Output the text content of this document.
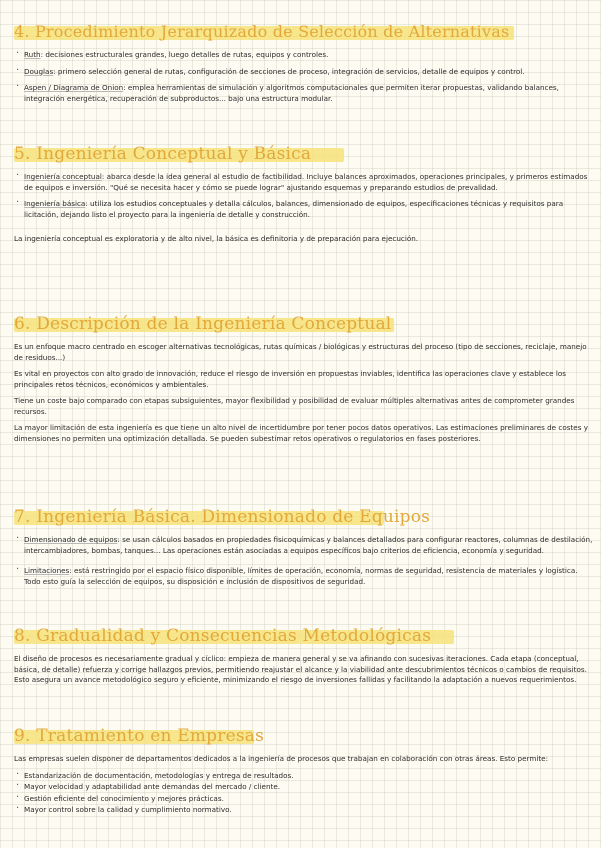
4. Procedimiento Jerarquizado de Selección de Alternativas
· Ruth: decisiones estructurales grandes, luego detalles de rutas, equipos y controles.
· Douglas: primero selección general de rutas, configuración de secciones de proceso, integración de servicios, detalle de equipos y control.
· Aspen / Diagrama de Onion: emplea herramientas de simulación y algoritmos computacionales que permiten iterar propuestas, validando balances, integración energética, recuperación de subproductos... bajo una estructura modular.
5. Ingeniería Conceptual y Básica
· Ingeniería conceptual: abarca desde la idea general al estudio de factibilidad. Incluye balances aproximados, operaciones principales, y primeros estimados de equipos e inversión. "Qué se necesita hacer y cómo se puede lograr" ajustando esquemas y preparando estudios de prevalidad.
· Ingeniería básica: utiliza los estudios conceptuales y detalla cálculos, balances, dimensionado de equipos, especificaciones técnicas y requisitos para licitación, dejando listo el proyecto para la ingeniería de detalle y construcción.
La ingeniería conceptual es exploratoria y de alto nivel, la básica es definitoria y de preparación para ejecución.
6. Descripción de la Ingeniería Conceptual
Es un enfoque macro centrado en escoger alternativas tecnológicas, rutas químicas / biológicas y estructuras del proceso (tipo de secciones, reciclaje, manejo de residuos...)
Es vital en proyectos con alto grado de innovación, reduce el riesgo de inversión en propuestas inviables, identifica las operaciones clave y establece los principales retos técnicos, económicos y ambientales.
Tiene un coste bajo comparado con etapas subsiguientes, mayor flexibilidad y posibilidad de evaluar múltiples alternativas antes de comprometer grandes recursos.
La mayor limitación de esta ingeniería es que tiene un alto nivel de incertidumbre por tener pocos datos operativos. Las estimaciones preliminares de costes y dimensiones no permiten una optimización detallada. Se pueden subestimar retos operativos o regulatorios en fases posteriores.
7. Ingeniería Básica. Dimensionado de Equipos
· Dimensionado de equipos: se usan cálculos basados en propiedades fisicoquímicas y balances detallados para configurar reactores, columnas de destilación, intercambiadores, bombas, tanques... Las operaciones están asociadas a equipos específicos bajo criterios de eficiencia, economía y seguridad.
· Limitaciones: está restringido por el espacio físico disponible, límites de operación, economía, normas de seguridad, resistencia de materiales y logística. Todo esto guía la selección de equipos, su disposición e inclusión de dispositivos de seguridad.
8. Gradualidad y Consecuencias Metodológicas
El diseño de procesos es necesariamente gradual y cíclico: empieza de manera general y se va afinando con sucesivas iteraciones. Cada etapa (conceptual, básica, de detalle) refuerza y corrige hallazgos previos, permitiendo reajustar el alcance y la viabilidad ante descubrimientos técnicos o cambios de requisitos. Esto asegura un avance metodológico seguro y eficiente, minimizando el riesgo de inversiones fallidas y facilitando la adaptación a nuevos requerimientos.
9. Tratamiento en Empresas
Las empresas suelen disponer de departamentos dedicados a la ingeniería de procesos que trabajan en colaboración con otras áreas. Esto permite:
· Estandarización de documentación, metodologías y entrega de resultados.
· Mayor velocidad y adaptabilidad ante demandas del mercado / cliente.
· Gestión eficiente del conocimiento y mejores prácticas.
· Mayor control sobre la calidad y cumplimiento normativo.
